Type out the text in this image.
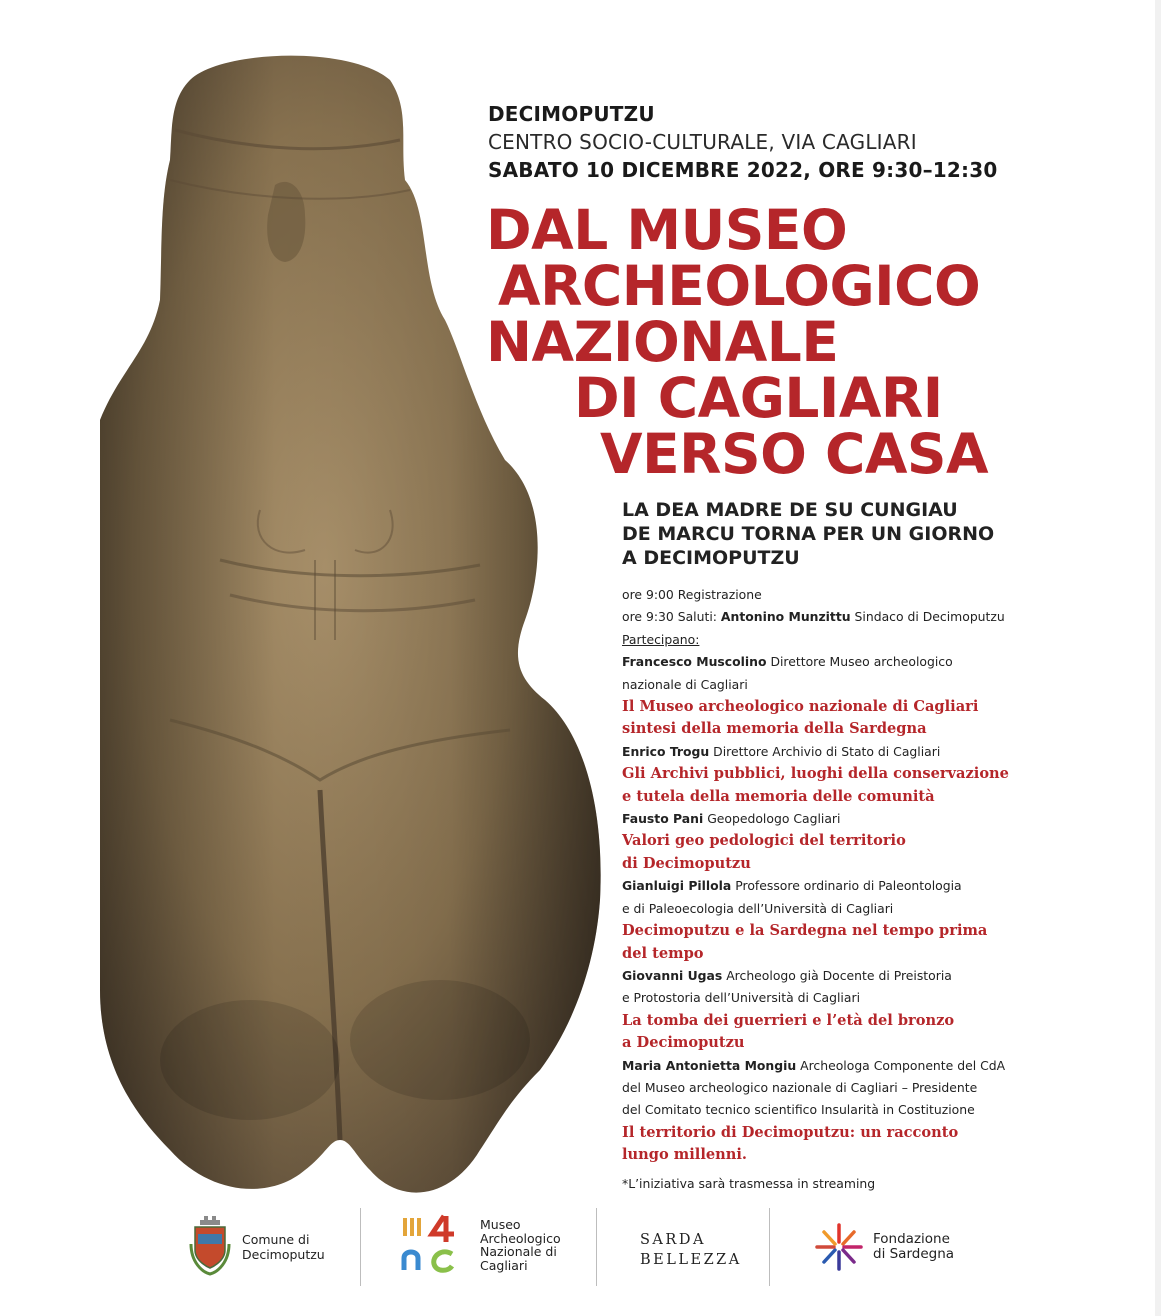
DECIMOPUTZU
CENTRO SOCIO-CULTURALE, VIA CAGLIARI
SABATO 10 DICEMBRE 2022, ORE 9:30–12:30
DAL MUSEO
ARCHEOLOGICO
NAZIONALE
DI CAGLIARI
VERSO CASA
LA DEA MADRE DE SU CUNGIAU
DE MARCU TORNA PER UN GIORNO
A DECIMOPUTZU
ore 9:00 Registrazione
ore 9:30 Saluti: Antonino Munzittu Sindaco di Decimoputzu
Partecipano:
Francesco Muscolino Direttore Museo archeologico
nazionale di Cagliari
Il Museo archeologico nazionale di Cagliari
sintesi della memoria della Sardegna
Enrico Trogu Direttore Archivio di Stato di Cagliari
Gli Archivi pubblici, luoghi della conservazione
e tutela della memoria delle comunità
Fausto Pani Geopedologo Cagliari
Valori geo pedologici del territorio
di Decimoputzu
Gianluigi Pillola Professore ordinario di Paleontologia
e di Paleoecologia dell’Università di Cagliari
Decimoputzu e la Sardegna nel tempo prima
del tempo
Giovanni Ugas Archeologo già Docente di Preistoria
e Protostoria dell’Università di Cagliari
La tomba dei guerrieri e l’età del bronzo
a Decimoputzu
Maria Antonietta Mongiu Archeologa Componente del CdA
del Museo archeologico nazionale di Cagliari – Presidente
del Comitato tecnico scientifico Insularità in Costituzione
Il territorio di Decimoputzu: un racconto
lungo millenni.
*L’iniziativa sarà trasmessa in streaming
Comune di
Decimoputzu
Museo
Archeologico
Nazionale di
Cagliari
SARDA
BELLEZZA
Fondazione
di Sardegna
